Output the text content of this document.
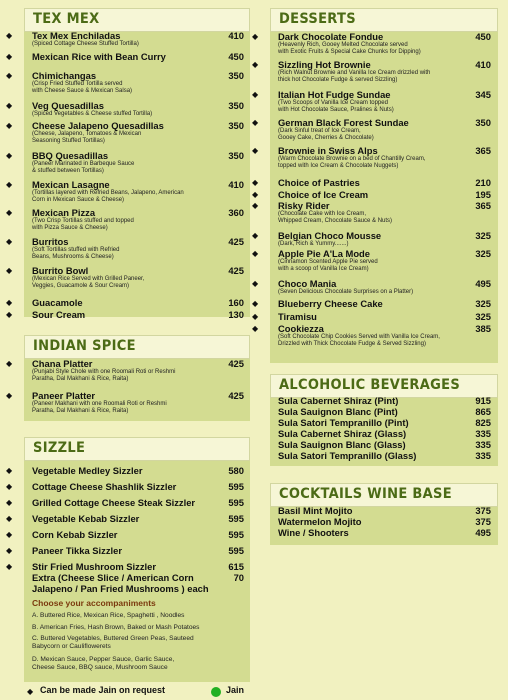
TEX MEX
◆ Tex Mex Enchiladas	410
(Spiced Cottage Cheese Stuffed Tortilla)
◆ Mexican Rice with Bean Curry	450
◆ Chimichangas	350
(Crisp Fried Stuffed Tortilla served
with Cheese Sauce & Mexican Salsa)
◆ Veg Quesadillas	350
(Spiced Vegetables & Cheese stuffed Tortilla)
◆ Cheese Jalapeno Quesadillas	350
(Cheese, Jalapeno, Tomatoes & Mexican
Seasoning Stuffed Tortillas)
◆ BBQ Quesadillas	350
(Paneer Marinated in Barbeque Sauce
& stuffed between Tortillas)
◆ Mexican Lasagne	410
(Tortillas layered with Refried Beans, Jalapeno, American
Corn in Mexican Sauce & Cheese)
◆ Mexican Pizza	360
(Two Crisp Tortillas stuffed and topped
with Pizza Sauce & Cheese)
◆ Burritos	425
(Soft Tortillas stuffed with Refried
Beans, Mushrooms & Cheese)
◆ Burrito Bowl	425
(Mexican Rice Served with Grilled Paneer,
Veggies, Guacamole & Sour Cream)
◆ Guacamole	160
◆ Sour Cream	130
INDIAN SPICE
◆ Chana Platter	425
(Punjabi Style Chole with one Roomali Roti or Reshmi
Paratha, Dal Makhani & Rice, Raita)
◆ Paneer Platter	425
(Paneer Makhani with one Roomali Roti or Reshmi
Paratha, Dal Makhani & Rice, Raita)
SIZZLE
◆ Vegetable Medley Sizzler	580
◆ Cottage Cheese Shashlik Sizzler	595
◆ Grilled Cottage Cheese Steak Sizzler	595
◆ Vegetable Kebab Sizzler	595
◆ Corn Kebab Sizzler	595
◆ Paneer Tikka Sizzler	595
◆ Stir Fried Mushroom Sizzler	615
Extra (Cheese Slice / American Corn
Jalapeno / Pan Fried Mushrooms ) each
70
Choose your accompaniments
A. Buttered Rice, Mexican Rice, Spaghetti , Noodles
B. American Fries, Hash Brown, Baked or Mash Potatoes
C. Buttered Vegetables, Buttered Green Peas, Sauteed
Babycorn or Cauliflowerets
D. Mexican Sauce, Pepper Sauce, Garlic Sauce,
Cheese Sauce, BBQ sauce, Mushroom Sauce
DESSERTS
◆ Dark Chocolate Fondue	450
(Heavenly Rich, Gooey Melted Chocolate served
with Exotic Fruits & Special Cake Chunks for Dipping)
◆ Sizzling Hot Brownie	410
(Rich Walnut Brownie and Vanilla Ice Cream drizzled with
thick hot Chocolate Fudge & served Sizzling)
◆ Italian Hot Fudge Sundae	345
(Two Scoops of Vanilla Ice Cream topped
with Hot Chocolate Sauce, Pralines & Nuts)
◆ German Black Forest Sundae	350
(Dark Sinful treat of Ice Cream,
Gooey Cake, Cherries & Chocolate)
◆ Brownie in Swiss Alps	365
(Warm Chocolate Brownie on a bed of Chantilly Cream,
topped with Ice Cream & Chocolate Nuggets)
◆ Choice of Pastries	210
◆ Choice of Ice Cream	195
◆ Risky Rider	365
(Chocolate Cake with Ice Cream,
Whipped Cream, Chocolate Sauce & Nuts)
◆ Belgian Choco Mousse	325
(Dark, Rich & Yummy.......)
◆ Apple Pie A'La Mode	325
(Cinnamon Scented Apple Pie served
with a scoop of Vanilla Ice Cream)
◆ Choco Mania	495
(Seven Delicious Chocolate Surprises on a Platter)
◆ Blueberry Cheese Cake	325
◆ Tiramisu	325
◆ Cookiezza	385
(Soft Chocolate Chip Cookies Served with Vanilla Ice Cream,
Drizzled with Thick Chocolate Fudge & Served Sizzling)
ALCOHOLIC BEVERAGES
Sula Cabernet Shiraz (Pint)	915
Sula Sauignon Blanc (Pint)	865
Sula Satori Tempranillo (Pint)	825
Sula Cabernet Shiraz (Glass)	335
Sula Sauignon Blanc (Glass)	335
Sula Satori Tempranillo (Glass)	335
COCKTAILS WINE BASE
Basil Mint Mojito	375
Watermelon Mojito	375
Wine / Shooters	495
◆ Can be made Jain on request	Jain
